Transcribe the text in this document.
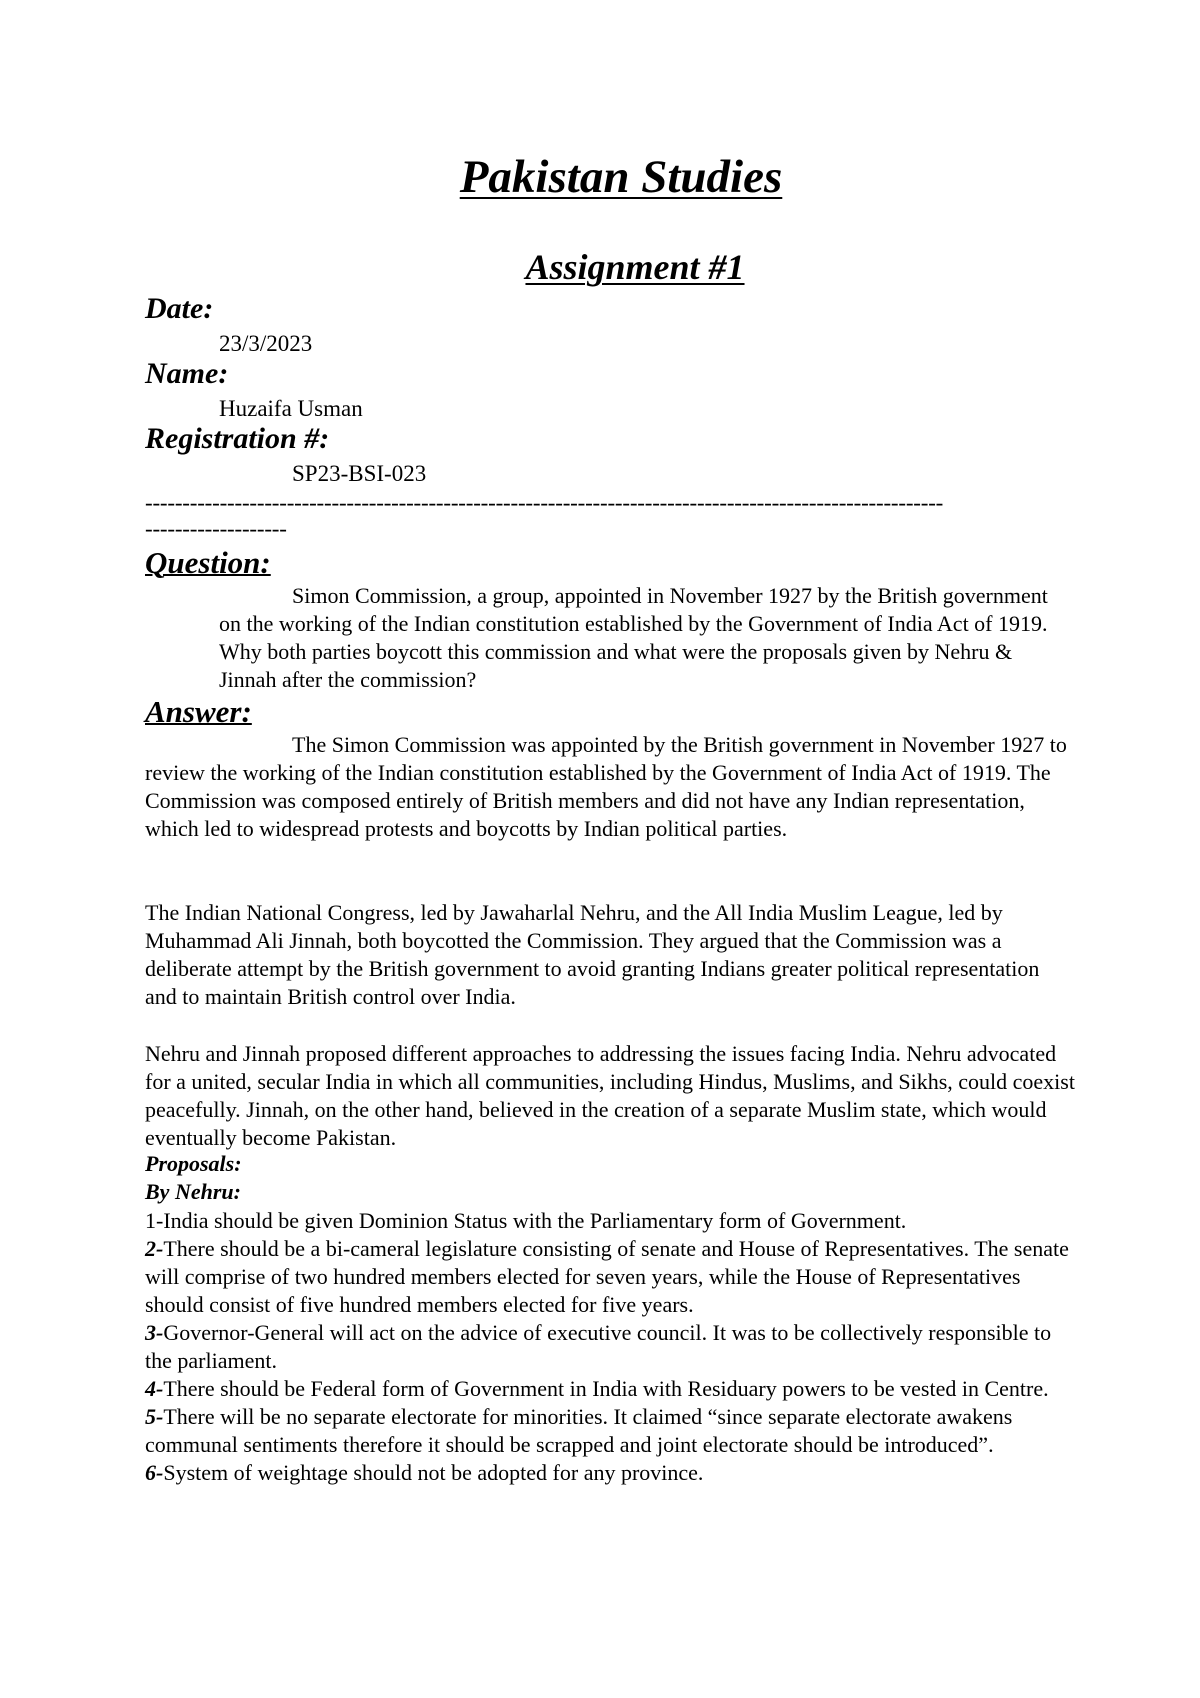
Pakistan Studies
Assignment #1
Date:
23/3/2023
Name:
Huzaifa Usman
Registration #:
SP23-BSI-023
-----------------------------------------------------------------------------------------------------------
-------------------
Question:

Simon Commission, a group, appointed in November 1927 by the British government on the working of the Indian constitution established by the Government of India Act of 1919. Why both parties boycott this commission and what were the proposals given by Nehru & Jinnah after the commission?

Answer:

The Simon Commission was appointed by the British government in November 1927 to review the working of the Indian constitution established by the Government of India Act of 1919. The Commission was composed entirely of British members and did not have any Indian representation, which led to widespread protests and boycotts by Indian political parties.

The Indian National Congress, led by Jawaharlal Nehru, and the All India Muslim League, led by Muhammad Ali Jinnah, both boycotted the Commission. They argued that the Commission was a deliberate attempt by the British government to avoid granting Indians greater political representation and to maintain British control over India.

Nehru and Jinnah proposed different approaches to addressing the issues facing India. Nehru advocated for a united, secular India in which all communities, including Hindus, Muslims, and Sikhs, could coexist peacefully. Jinnah, on the other hand, believed in the creation of a separate Muslim state, which would eventually become Pakistan.

Proposals:
By Nehru:
1-India should be given Dominion Status with the Parliamentary form of Government.
2-There should be a bi-cameral legislature consisting of senate and House of Representatives. The senate will comprise of two hundred members elected for seven years, while the House of Representatives should consist of five hundred members elected for five years.
3-Governor-General will act on the advice of executive council. It was to be collectively responsible to the parliament.
4-There should be Federal form of Government in India with Residuary powers to be vested in Centre.
5-There will be no separate electorate for minorities. It claimed “since separate electorate awakens communal sentiments therefore it should be scrapped and joint electorate should be introduced”.
6-System of weightage should not be adopted for any province.
